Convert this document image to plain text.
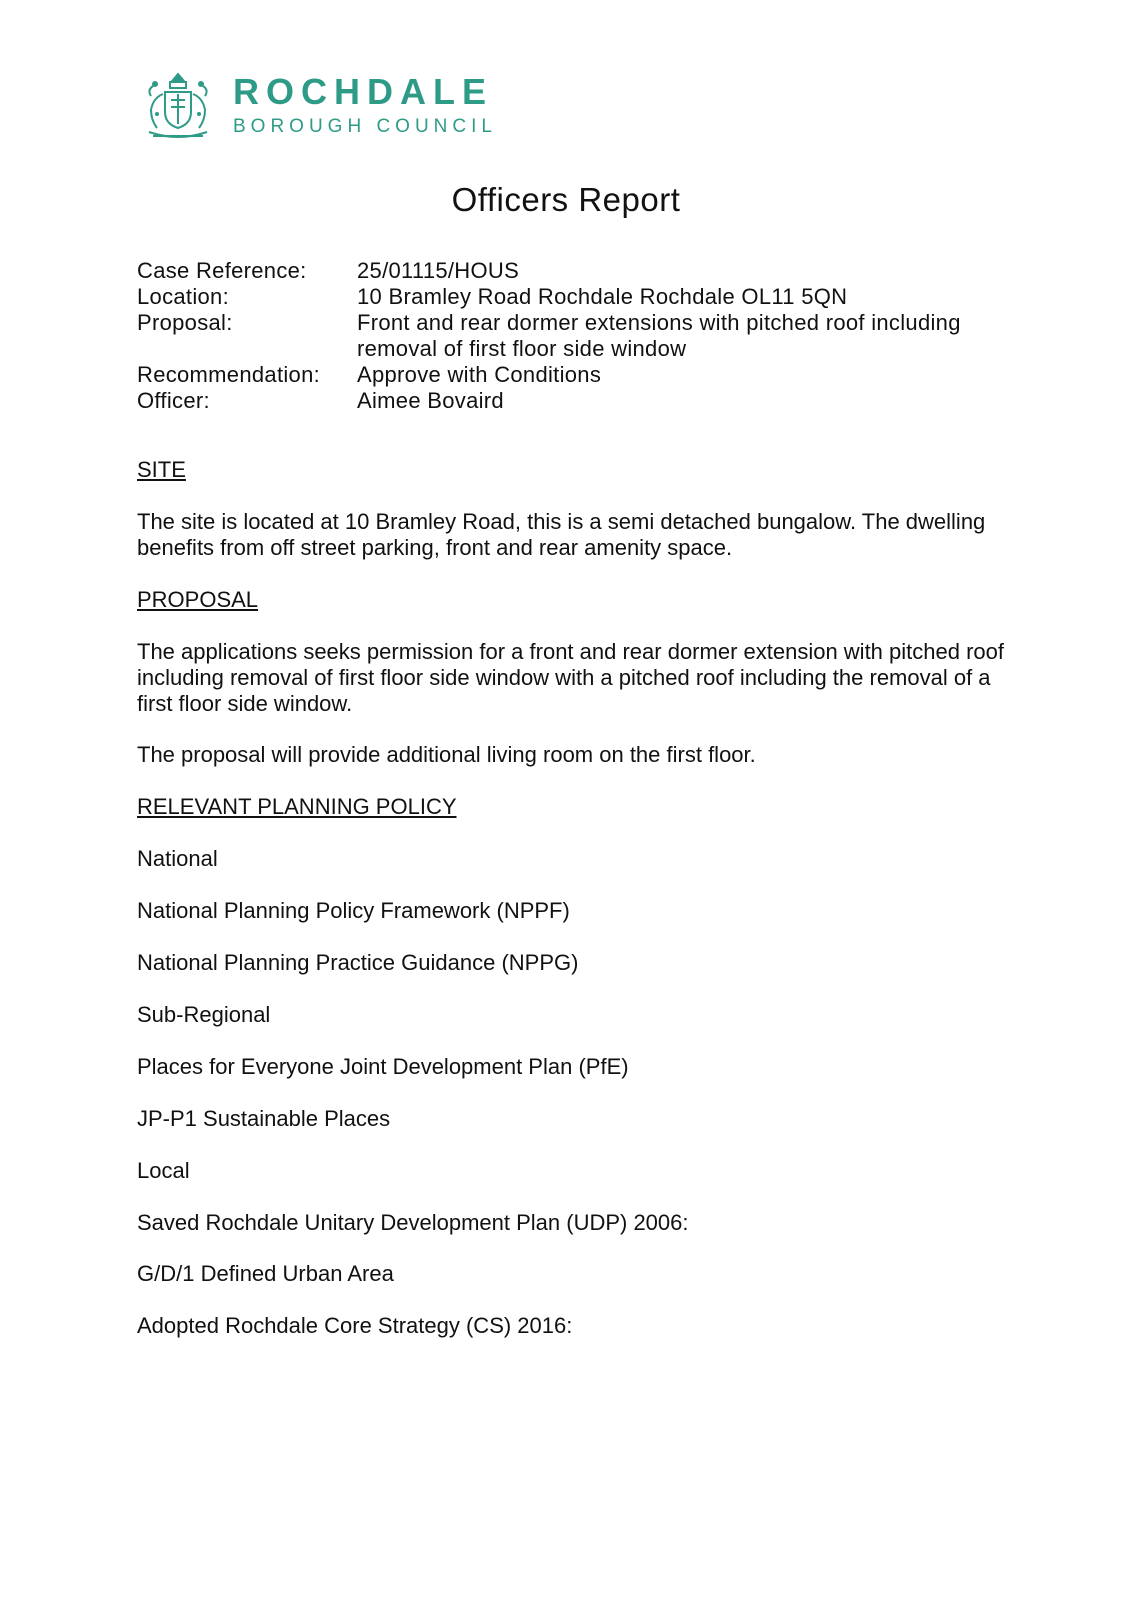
ROCHDALE
BOROUGH COUNCIL
Officers Report
Case Reference:	25/01115/HOUS
Location:	10 Bramley Road Rochdale Rochdale OL11 5QN
Proposal:	Front and rear dormer extensions with pitched roof including removal of first floor side window
Recommendation:	Approve with Conditions
Officer:	Aimee Bovaird

SITE

The site is located at 10 Bramley Road, this is a semi detached bungalow. The dwelling benefits from off street parking, front and rear amenity space.

PROPOSAL

The applications seeks permission for a front and rear dormer extension with pitched roof including removal of first floor side window with a pitched roof including the removal of a first floor side window.

The proposal will provide additional living room on the first floor.

RELEVANT PLANNING POLICY

National

National Planning Policy Framework (NPPF)

National Planning Practice Guidance (NPPG)

Sub-Regional

Places for Everyone Joint Development Plan (PfE)

JP-P1 Sustainable Places

Local

Saved Rochdale Unitary Development Plan (UDP) 2006:

G/D/1 Defined Urban Area

Adopted Rochdale Core Strategy (CS) 2016:
